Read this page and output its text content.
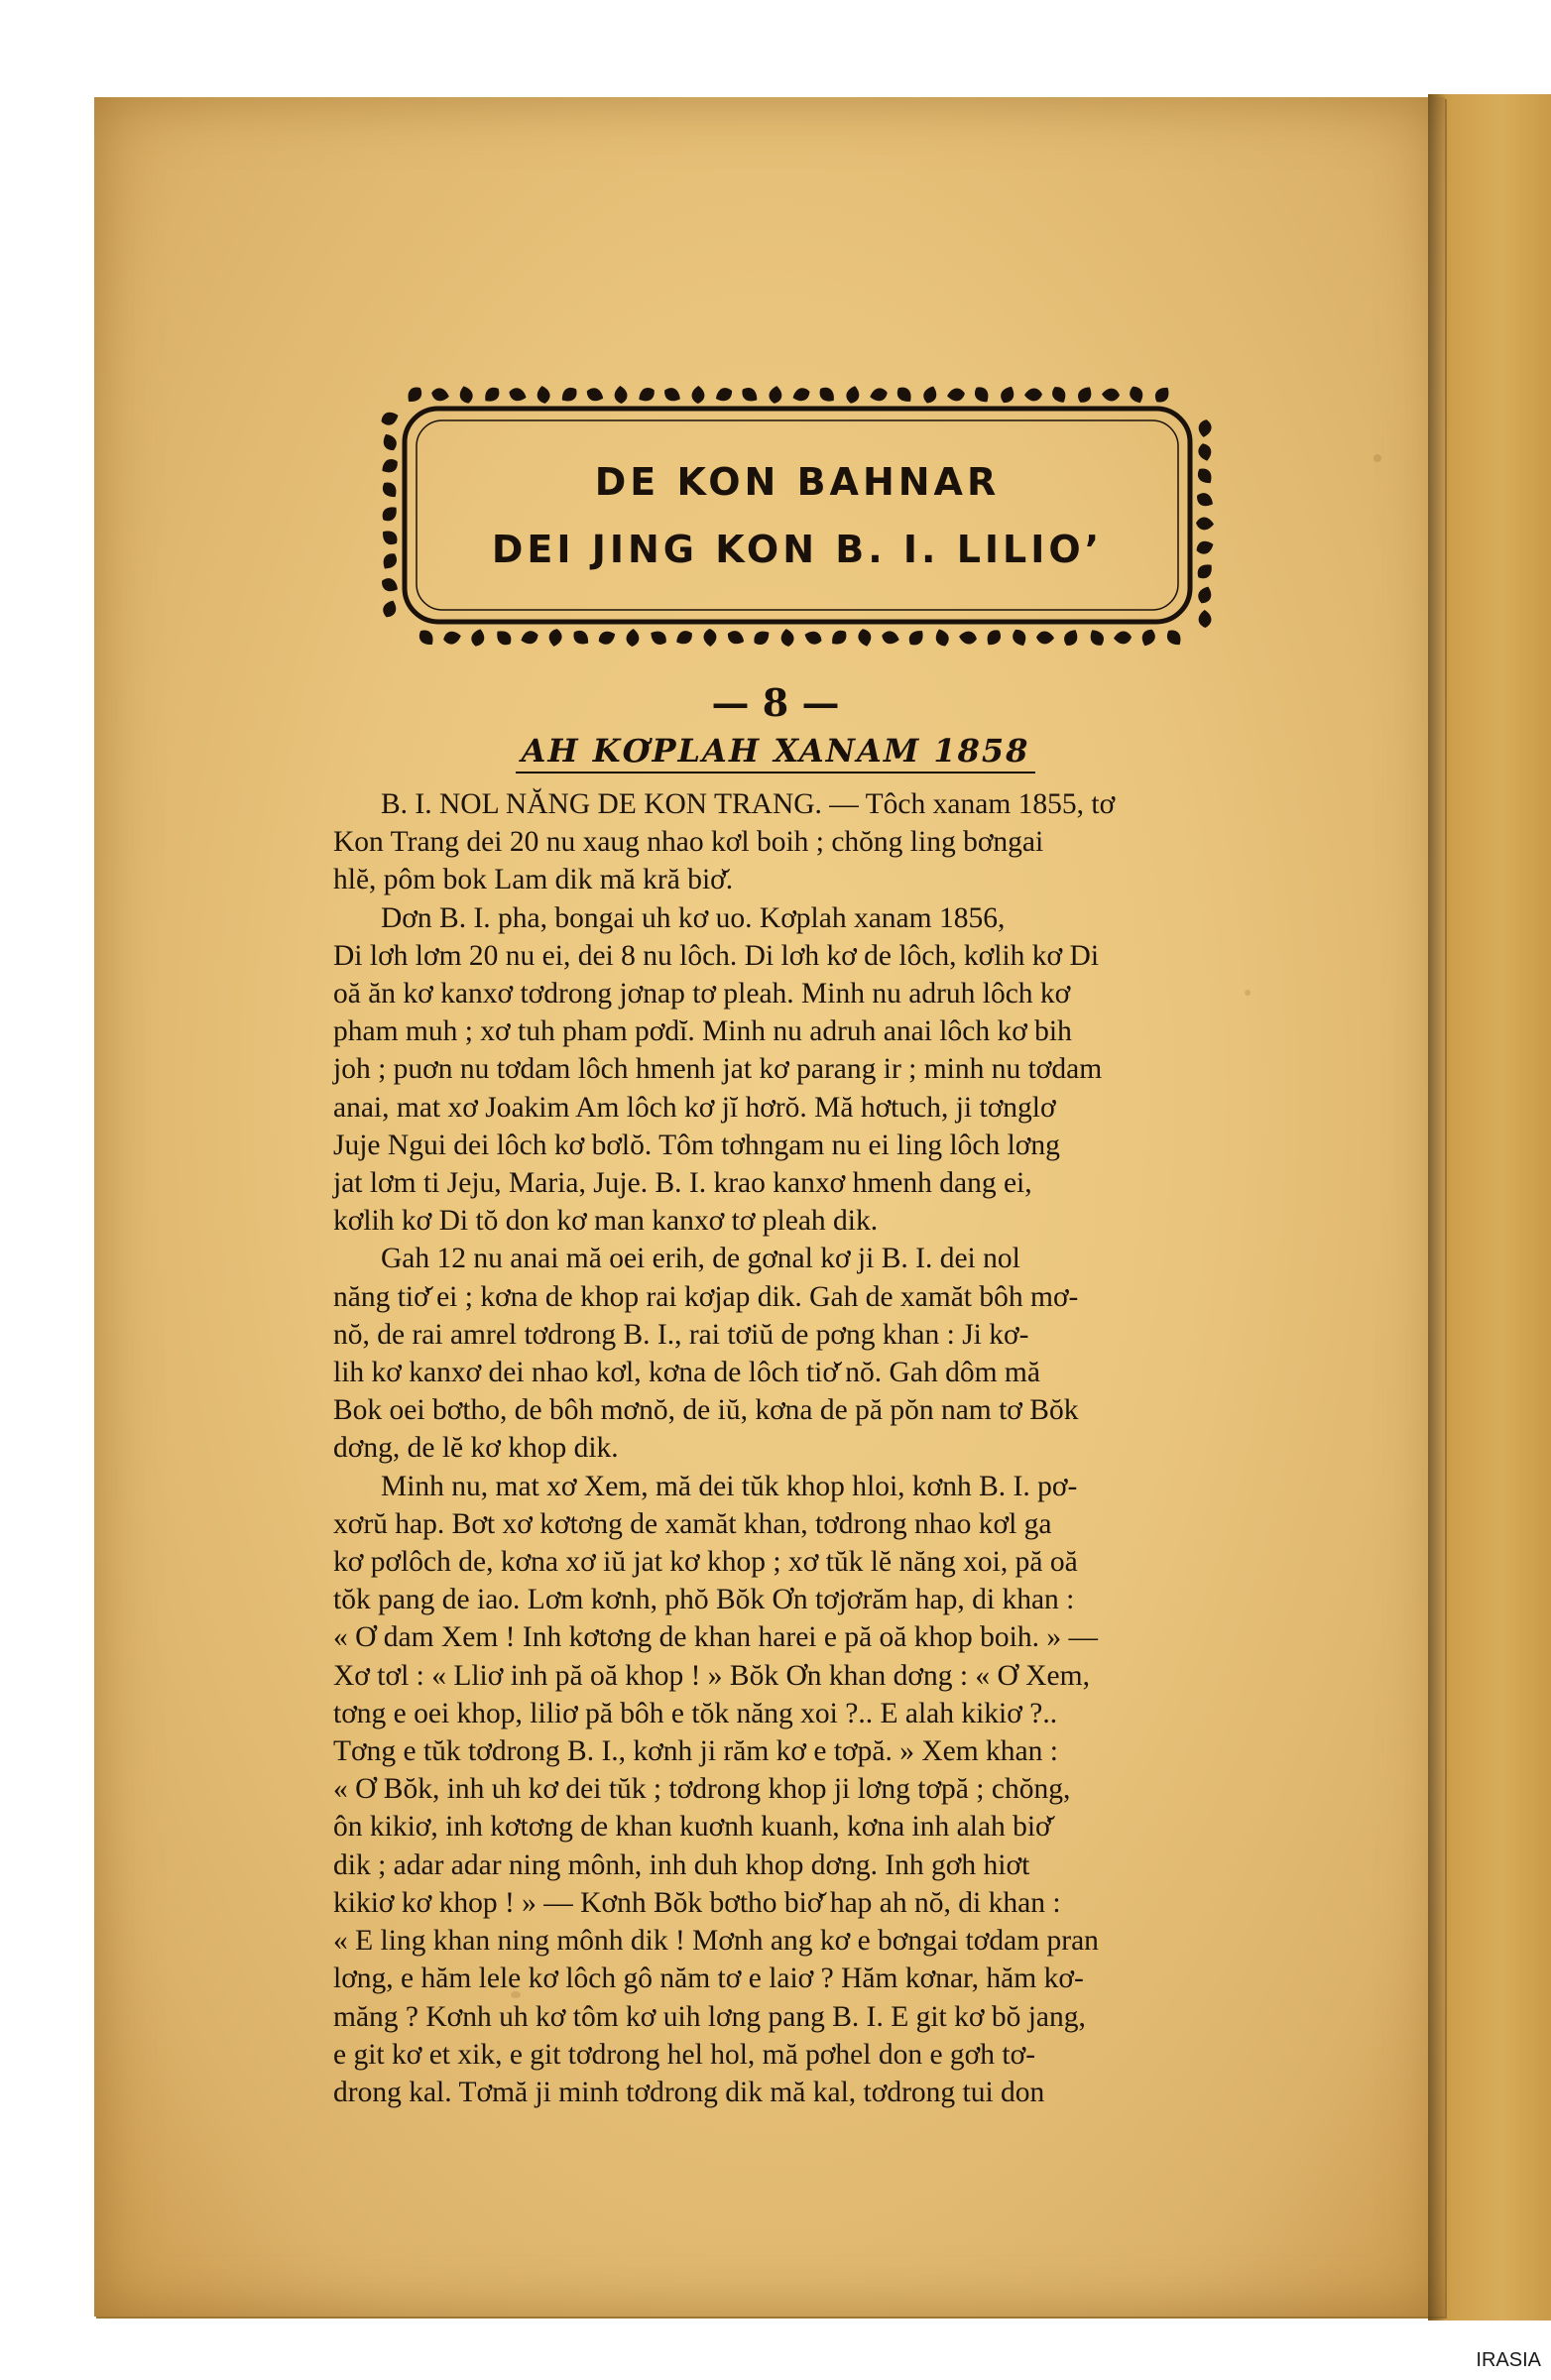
DE KON BAHNAR
DEI JING KON B. I. LILIO’
— 8 —
AH KƠPLAH XANAM 1858
B. I. NOL NĂNG DE KON TRANG. — Tôch xanam 1855, tơ
Kon Trang dei 20 nu xaug nhao kơl boih ; chŏng ling bơngai
hlĕ, pôm bok Lam dik mă kră biơ̆.
Dơn B. I. pha, bongai uh kơ uo. Kơplah xanam 1856,
Di lơh lơm 20 nu ei, dei 8 nu lôch. Di lơh kơ de lôch, kơlih kơ Di
oă ăn kơ kanxơ tơdrong jơnap tơ pleah. Minh nu adruh lôch kơ
pham muh ; xơ tuh pham pơdĭ. Minh nu adruh anai lôch kơ bih
joh ; puơn nu tơdam lôch hmenh jat kơ parang ir ; minh nu tơdam
anai, mat xơ Joakim Am lôch kơ jĭ hơrŏ. Mă hơtuch, ji tơnglơ
Juje Ngui dei lôch kơ bơlŏ. Tôm tơhngam nu ei ling lôch lơng
jat lơm ti Jeju, Maria, Juje. B. I. krao kanxơ hmenh dang ei,
kơlih kơ Di tŏ don kơ man kanxơ tơ pleah dik.
Gah 12 nu anai mă oei erih, de gơnal kơ ji B. I. dei nol
năng tiơ̆ ei ; kơna de khop rai kơjap dik. Gah de xamăt bôh mơ-
nŏ, de rai amrel tơdrong B. I., rai tơiŭ de pơng khan : Ji kơ-
lih kơ kanxơ dei nhao kơl, kơna de lôch tiơ̆ nŏ. Gah dôm mă
Bok oei bơtho, de bôh mơnŏ, de iŭ, kơna de pă pŏn nam tơ Bŏk
dơng, de lĕ kơ khop dik.
Minh nu, mat xơ Xem, mă dei tŭk khop hloi, kơnh B. I. pơ-
xơrŭ hap. Bơt xơ kơtơng de xamăt khan, tơdrong nhao kơl ga
kơ pơlôch de, kơna xơ iŭ jat kơ khop ; xơ tŭk lĕ năng xoi, pă oă
tŏk pang de iao. Lơm kơnh, phŏ Bŏk Ơn tơjơrăm hap, di khan :
« Ơ dam Xem ! Inh kơtơng de khan harei e pă oă khop boih. » —
Xơ tơl : « Lliơ inh pă oă khop ! » Bŏk Ơn khan dơng : « Ơ Xem,
tơng e oei khop, liliơ pă bôh e tŏk năng xoi ?.. E alah kikiơ ?..
Tơng e tŭk tơdrong B. I., kơnh ji răm kơ e tơpă. » Xem khan :
« Ơ Bŏk, inh uh kơ dei tŭk ; tơdrong khop ji lơng tơpă ; chŏng,
ôn kikiơ, inh kơtơng de khan kuơnh kuanh, kơna inh alah biơ̆
dik ; adar adar ning mônh, inh duh khop dơng. Inh gơh hiơt
kikiơ kơ khop ! » — Kơnh Bŏk bơtho biơ̆ hap ah nŏ, di khan :
« E ling khan ning mônh dik ! Mơnh ang kơ e bơngai tơdam pran
lơng, e hăm lele kơ lôch gô năm tơ e laiơ ? Hăm kơnar, hăm kơ-
măng ? Kơnh uh kơ tôm kơ uih lơng pang B. I. E git kơ bŏ jang,
e git kơ et xik, e git tơdrong hel hol, mă pơhel don e gơh tơ-
drong kal. Tơmă ji minh tơdrong dik mă kal, tơdrong tui don
IRASIA
